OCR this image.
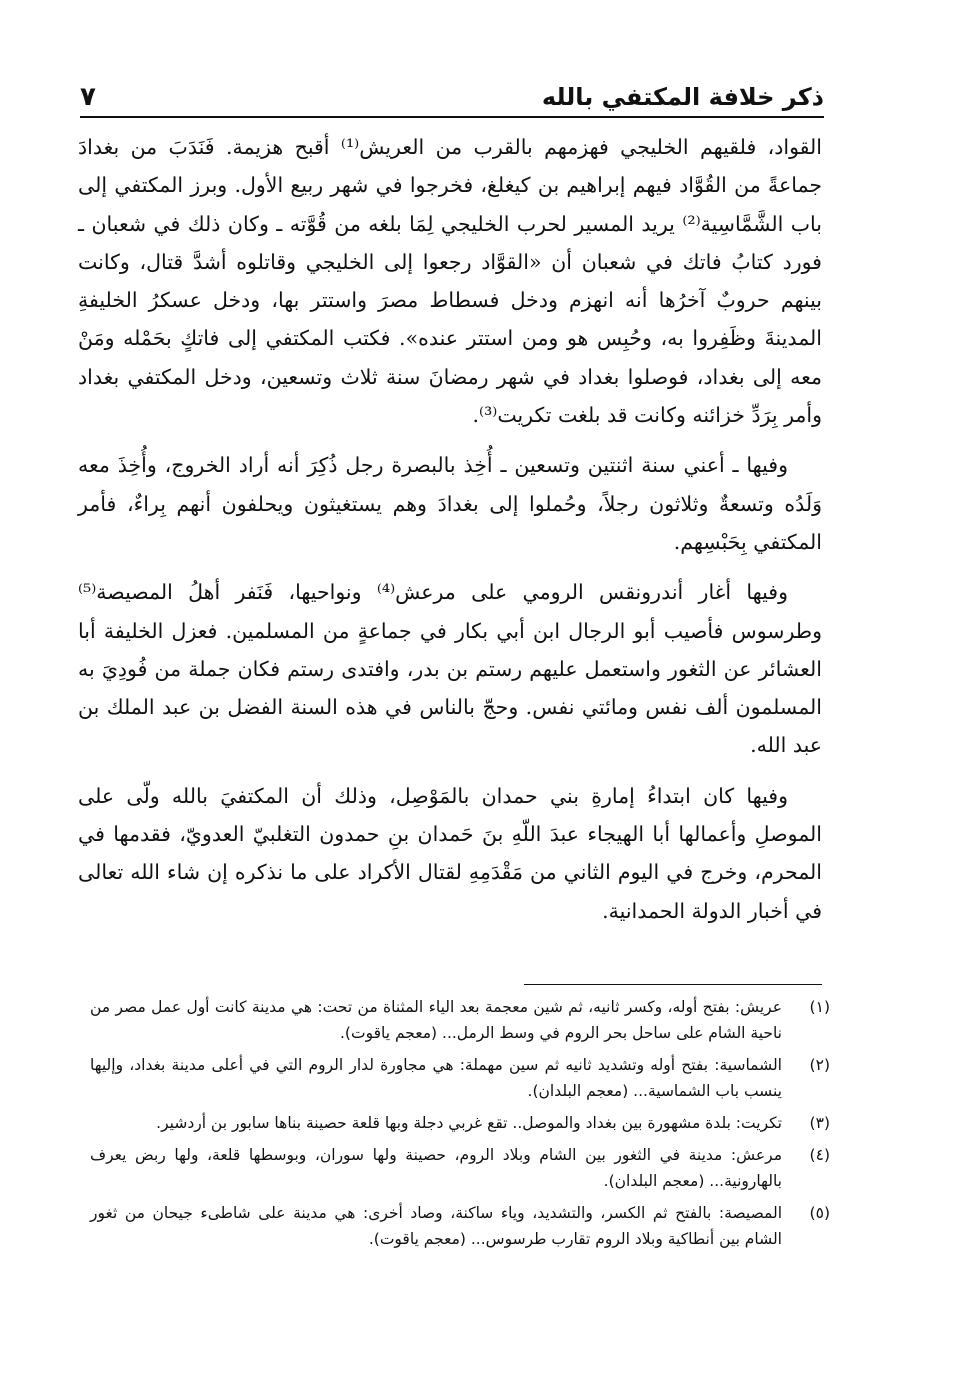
ذكر خلافة المكتفي بالله
٧

القواد، فلقيهم الخليجي فهزمهم بالقرب من العريش⁽¹⁾ أقبح هزيمة. فَنَدَبَ من بغدادَ جماعةً من القُوَّاد فيهم إبراهيم بن كيغلغ، فخرجوا في شهر ربيع الأول. وبرز المكتفي إلى باب الشَّمَّاسِية⁽²⁾ يريد المسير لحرب الخليجي لِمَا بلغه من قُوَّته ـ وكان ذلك في شعبان ـ فورد كتابُ فاتك في شعبان أن «القوَّاد رجعوا إلى الخليجي وقاتلوه أشدَّ قتال، وكانت بينهم حروبٌ آخرُها أنه انهزم ودخل فسطاط مصرَ واستتر بها، ودخل عسكرُ الخليفةِ المدينةَ وظَفِروا به، وحُبِس هو ومن استتر عنده». فكتب المكتفي إلى فاتكٍ بحَمْله ومَنْ معه إلى بغداد، فوصلوا بغداد في شهر رمضانَ سنة ثلاث وتسعين، ودخل المكتفي بغداد وأمر بِرَدِّ خزائنه وكانت قد بلغت تكريت⁽³⁾.

وفيها ـ أعني سنة اثنتين وتسعين ـ أُخِذ بالبصرة رجل ذُكِرَ أنه أراد الخروج، وأُخِذَ معه وَلَدُه وتسعةٌ وثلاثون رجلاً، وحُملوا إلى بغدادَ وهم يستغيثون ويحلفون أنهم بِراءٌ، فأمر المكتفي بِحَبْسِهم.

وفيها أغار أندرونقس الرومي على مرعش⁽⁴⁾ ونواحيها، فَنَفر أهلُ المصيصة⁽⁵⁾ وطرسوس فأصيب أبو الرجال ابن أبي بكار في جماعةٍ من المسلمين. فعزل الخليفة أبا العشائر عن الثغور واستعمل عليهم رستم بن بدر، وافتدى رستم فكان جملة من فُودِيَ به المسلمون ألف نفس ومائتي نفس. وحجّ بالناس في هذه السنة الفضل بن عبد الملك بن عبد الله.

وفيها كان ابتداءُ إمارةِ بني حمدان بالمَوْصِل، وذلك أن المكتفيَ بالله ولّى على الموصلِ وأعمالها أبا الهيجاء عبدَ اللّهِ بنَ حَمدان بنِ حمدون التغلبيّ العدويّ، فقدمها في المحرم، وخرج في اليوم الثاني من مَقْدَمِهِ لقتال الأكراد على ما نذكره إن شاء الله تعالى في أخبار الدولة الحمدانية.

(١)
عريش: بفتح أوله، وكسر ثانيه، ثم شين معجمة بعد الياء المثناة من تحت: هي مدينة كانت أول عمل مصر من ناحية الشام على ساحل بحر الروم في وسط الرمل... (معجم ياقوت).
(٢)
الشماسية: بفتح أوله وتشديد ثانيه ثم سين مهملة: هي مجاورة لدار الروم التي في أعلى مدينة بغداد، وإليها ينسب باب الشماسية... (معجم البلدان).
(٣)
تكريت: بلدة مشهورة بين بغداد والموصل.. تقع غربي دجلة وبها قلعة حصينة بناها سابور بن أردشير.
(٤)
مرعش: مدينة في الثغور بين الشام وبلاد الروم، حصينة ولها سوران، وبوسطها قلعة، ولها ربض يعرف بالهارونية... (معجم البلدان).
(٥)
المصيصة: بالفتح ثم الكسر، والتشديد، وياء ساكنة، وصاد أخرى: هي مدينة على شاطىء جيحان من ثغور الشام بين أنطاكية وبلاد الروم تقارب طرسوس... (معجم ياقوت).
